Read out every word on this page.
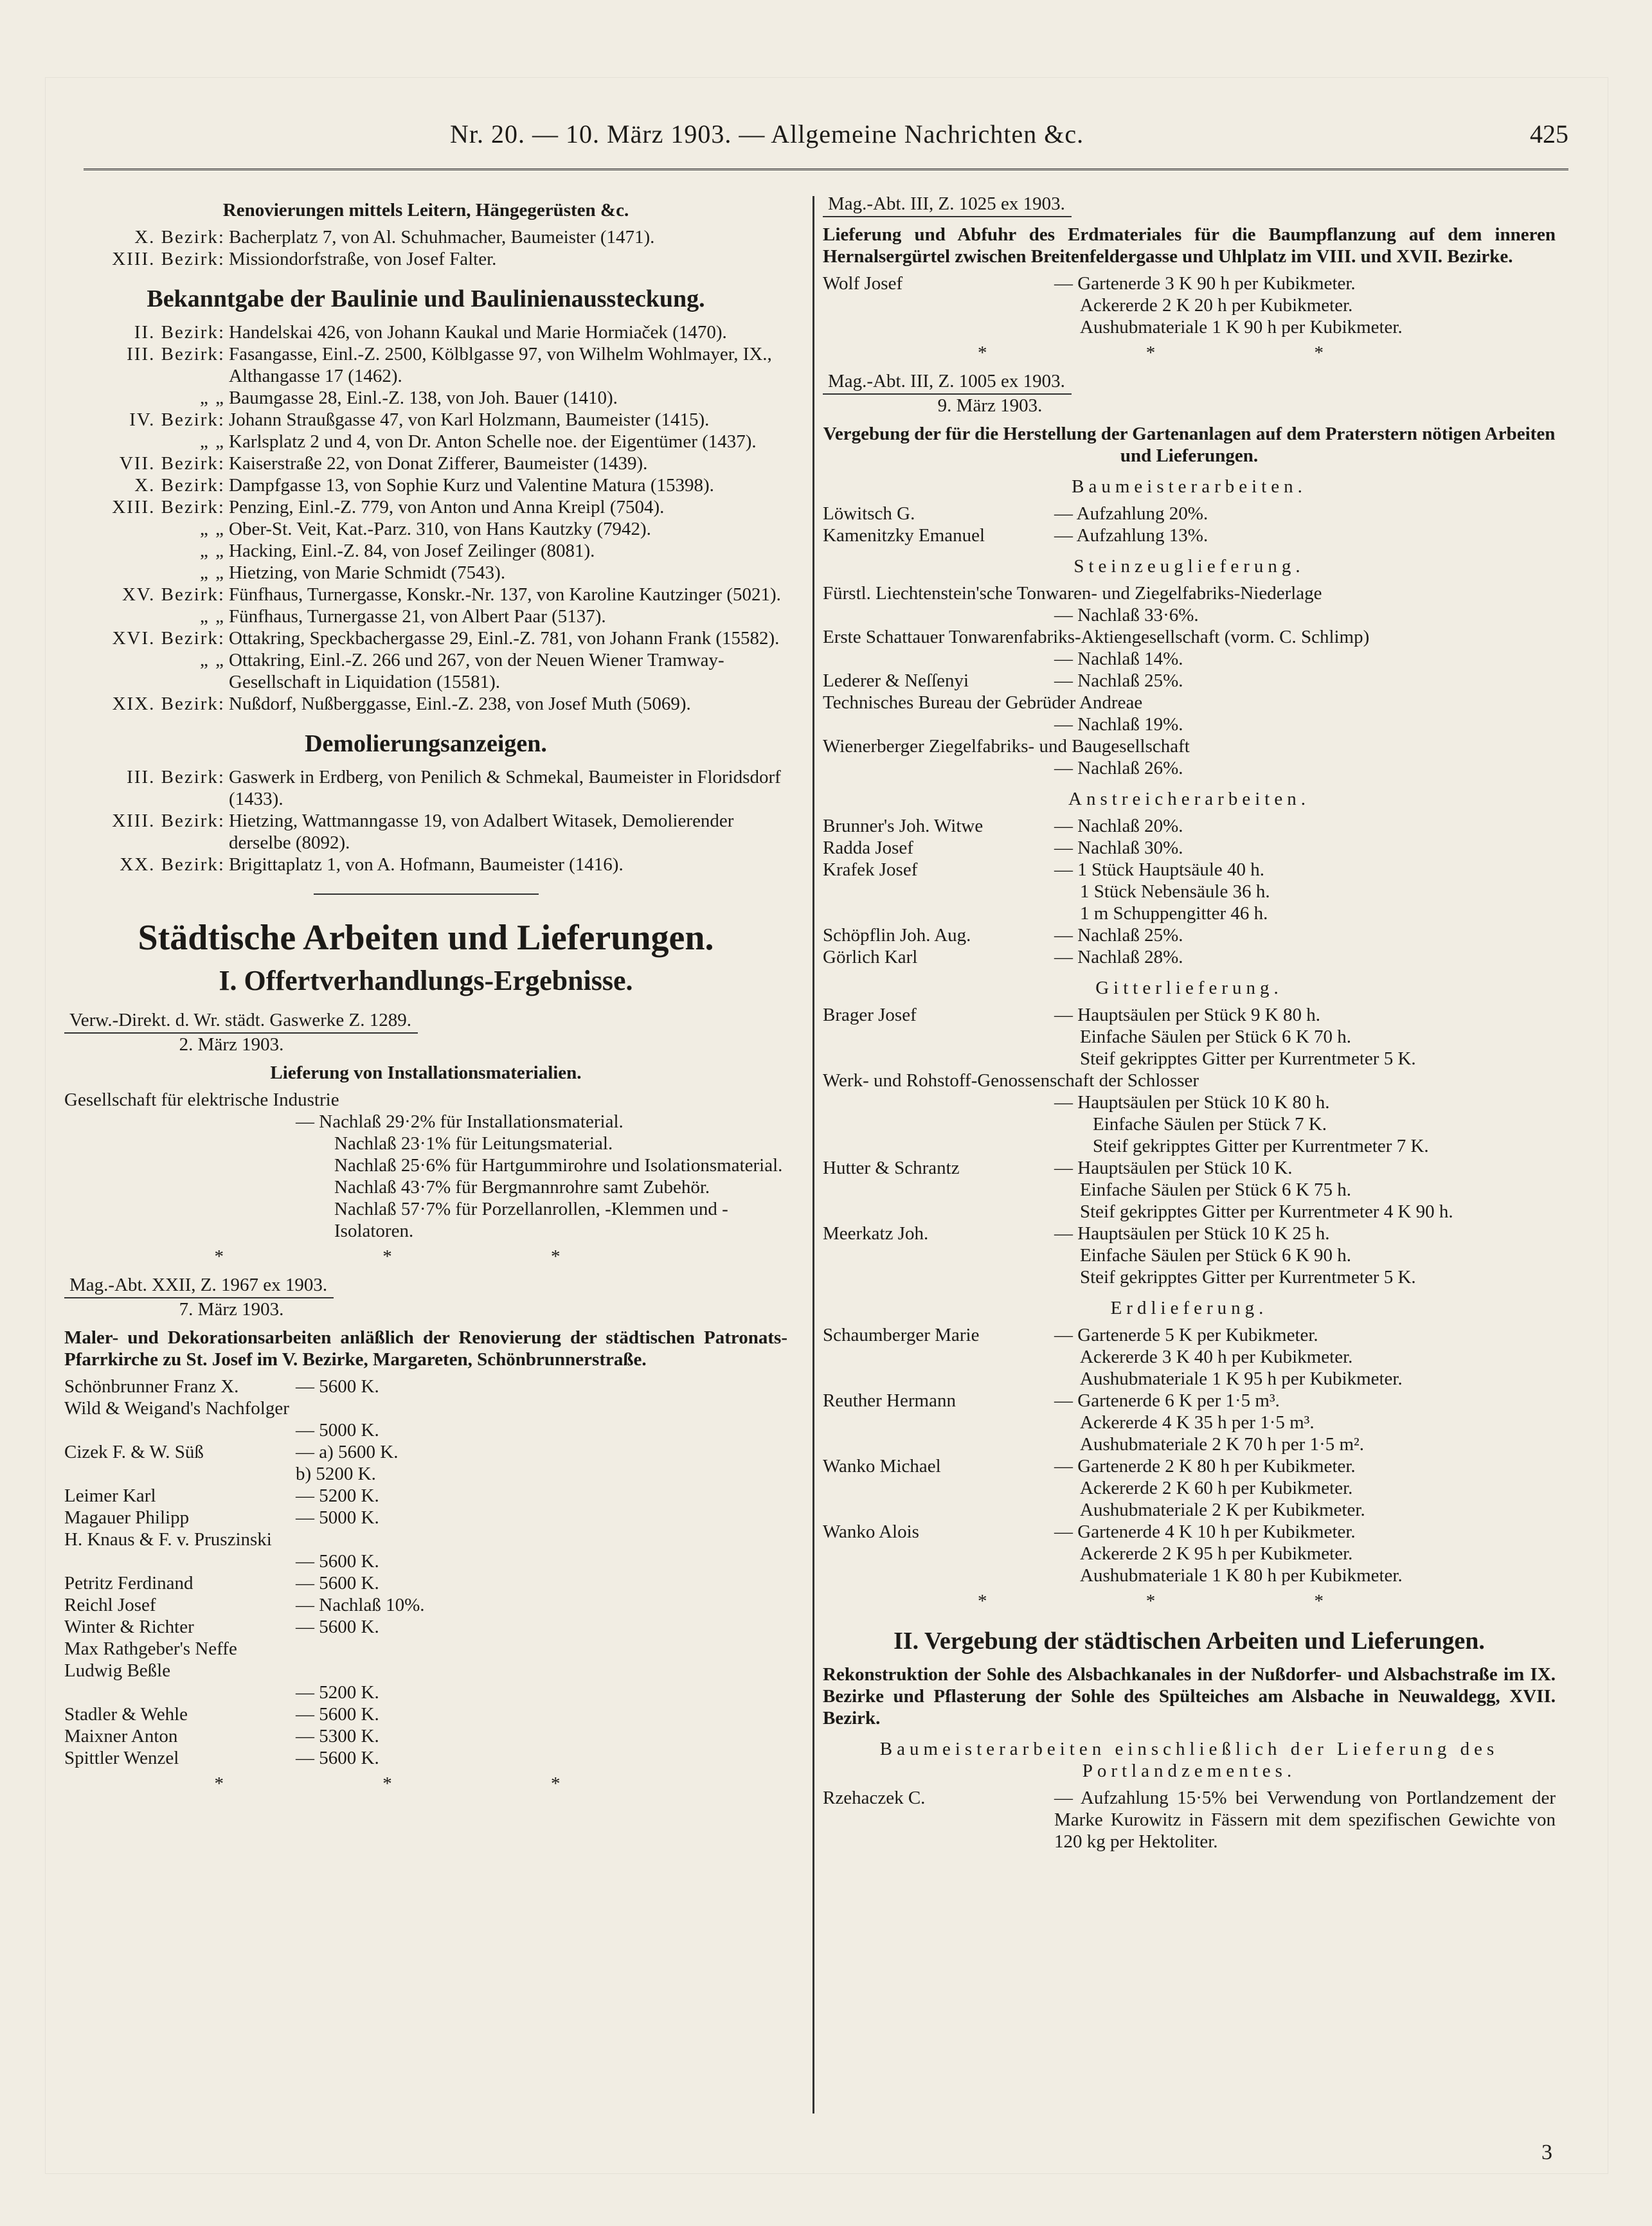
Nr. 20. — 10. März 1903. — Allgemeine Nachrichten &c.	425
Renovierungen mittels Leitern, Hängegerüsten &c.
X. Bezirk: Bacherplatz 7, von Al. Schuhmacher, Baumeister (1471).
XIII. Bezirk: Missiondorfstraße, von Josef Falter.
Bekanntgabe der Baulinie und Baulinienaussteckung.
II. Bezirk: Handelskai 426, von Johann Kaukal und Marie Hormiaček (1470).
III. Bezirk: Fasangasse, Einl.-Z. 2500, Kölblgasse 97, von Wilhelm Wohlmayer, IX., Althangasse 17 (1462).
„ „ Baumgasse 28, Einl.-Z. 138, von Joh. Bauer (1410).
IV. Bezirk: Johann Straußgasse 47, von Karl Holzmann, Baumeister (1415).
„ „ Karlsplatz 2 und 4, von Dr. Anton Schelle noe. der Eigentümer (1437).
VII. Bezirk: Kaiserstraße 22, von Donat Zifferer, Baumeister (1439).
X. Bezirk: Dampfgasse 13, von Sophie Kurz und Valentine Matura (15398).
XIII. Bezirk: Penzing, Einl.-Z. 779, von Anton und Anna Kreipl (7504).
„ „ Ober-St. Veit, Kat.-Parz. 310, von Hans Kautzky (7942).
„ „ Hacking, Einl.-Z. 84, von Josef Zeilinger (8081).
„ „ Hietzing, von Marie Schmidt (7543).
XV. Bezirk: Fünfhaus, Turnergasse, Konskr.-Nr. 137, von Karoline Kautzinger (5021).
„ „ Fünfhaus, Turnergasse 21, von Albert Paar (5137).
XVI. Bezirk: Ottakring, Speckbachergasse 29, Einl.-Z. 781, von Johann Frank (15582).
„ „ Ottakring, Einl.-Z. 266 und 267, von der Neuen Wiener Tramway-Gesellschaft in Liquidation (15581).
XIX. Bezirk: Nußdorf, Nußberggasse, Einl.-Z. 238, von Josef Muth (5069).
Demolierungsanzeigen.
III. Bezirk: Gaswerk in Erdberg, von Penilich & Schmekal, Baumeister in Floridsdorf (1433).
XIII. Bezirk: Hietzing, Wattmanngasse 19, von Adalbert Witasek, Demolierender derselbe (8092).
XX. Bezirk: Brigittaplatz 1, von A. Hofmann, Baumeister (1416).
Städtische Arbeiten und Lieferungen.
I. Offertverhandlungs-Ergebnisse.
Verw.-Direkt. d. Wr. städt. Gaswerke Z. 1289.
2. März 1903.
Lieferung von Installationsmaterialien.
Gesellschaft für elektrische Industrie
— Nachlaß 29·2% für Installationsmaterial.
Nachlaß 23·1% für Leitungsmaterial.
Nachlaß 25·6% für Hartgummirohre und Isolationsmaterial.
Nachlaß 43·7% für Bergmannrohre samt Zubehör.
Nachlaß 57·7% für Porzellanrollen, -Klemmen und -Isolatoren.
* * *
Mag.-Abt. XXII, Z. 1967 ex 1903.
7. März 1903.
Maler- und Dekorationsarbeiten anläßlich der Renovierung der städtischen Patronats-Pfarrkirche zu St. Josef im V. Bezirke, Margareten, Schönbrunnerstraße.
Schönbrunner Franz X.	— 5600 K.
Wild & Weigand's Nachfolger
— 5000 K.
Cizek F. & W. Süß	— a) 5600 K.
b) 5200 K.
Leimer Karl	— 5200 K.
Magauer Philipp	— 5000 K.
H. Knaus & F. v. Pruszinski
— 5600 K.
Petritz Ferdinand	— 5600 K.
Reichl Josef	— Nachlaß 10%.
Winter & Richter	— 5600 K.
Max Rathgeber's Neffe Ludwig Beßle
— 5200 K.
Stadler & Wehle	— 5600 K.
Maixner Anton	— 5300 K.
Spittler Wenzel	— 5600 K.
* * *
Mag.-Abt. III, Z. 1025 ex 1903.
Lieferung und Abfuhr des Erdmateriales für die Baumpflanzung auf dem inneren Hernalsergürtel zwischen Breitenfeldergasse und Uhlplatz im VIII. und XVII. Bezirke.
Wolf Josef	— Gartenerde 3 K 90 h per Kubikmeter.
Ackererde 2 K 20 h per Kubikmeter.
Aushubmateriale 1 K 90 h per Kubikmeter.
* * *
Mag.-Abt. III, Z. 1005 ex 1903.
9. März 1903.
Vergebung der für die Herstellung der Gartenanlagen auf dem Praterstern nötigen Arbeiten und Lieferungen.
Baumeisterarbeiten.
Löwitsch G.	— Aufzahlung 20%.
Kamenitzky Emanuel	— Aufzahlung 13%.
Steinzeuglieferung.
Fürstl. Liechtenstein'sche Tonwaren- und Ziegelfabriks-Niederlage
— Nachlaß 33·6%.
Erste Schattauer Tonwarenfabriks-Aktiengesellschaft (vorm. C. Schlimp)
— Nachlaß 14%.
Lederer & Neſſenyi	— Nachlaß 25%.
Technisches Bureau der Gebrüder Andreae
— Nachlaß 19%.
Wienerberger Ziegelfabriks- und Baugesellschaft
— Nachlaß 26%.
Anstreicherarbeiten.
Brunner's Joh. Witwe	— Nachlaß 20%.
Radda Josef	— Nachlaß 30%.
Krafek Josef	— 1 Stück Hauptsäule 40 h.
1 Stück Nebensäule 36 h.
1 m Schuppengitter 46 h.
Schöpflin Joh. Aug.	— Nachlaß 25%.
Görlich Karl	— Nachlaß 28%.
Gitterlieferung.
Brager Josef	— Hauptsäulen per Stück 9 K 80 h.
Einfache Säulen per Stück 6 K 70 h.
Steif gekripptes Gitter per Kurrentmeter 5 K.
Werk- und Rohstoff-Genossenschaft der Schlosser
— Hauptsäulen per Stück 10 K 80 h.
Einfache Säulen per Stück 7 K.
Steif gekripptes Gitter per Kurrentmeter 7 K.
Hutter & Schrantz	— Hauptsäulen per Stück 10 K.
Einfache Säulen per Stück 6 K 75 h.
Steif gekripptes Gitter per Kurrentmeter 4 K 90 h.
Meerkatz Joh.	— Hauptsäulen per Stück 10 K 25 h.
Einfache Säulen per Stück 6 K 90 h.
Steif gekripptes Gitter per Kurrentmeter 5 K.
Erdlieferung.
Schaumberger Marie	— Gartenerde 5 K per Kubikmeter.
Ackererde 3 K 40 h per Kubikmeter.
Aushubmateriale 1 K 95 h per Kubikmeter.
Reuther Hermann	— Gartenerde 6 K per 1·5 m³.
Ackererde 4 K 35 h per 1·5 m³.
Aushubmateriale 2 K 70 h per 1·5 m².
Wanko Michael	— Gartenerde 2 K 80 h per Kubikmeter.
Ackererde 2 K 60 h per Kubikmeter.
Aushubmateriale 2 K per Kubikmeter.
Wanko Alois	— Gartenerde 4 K 10 h per Kubikmeter.
Ackererde 2 K 95 h per Kubikmeter.
Aushubmateriale 1 K 80 h per Kubikmeter.
* * *
II. Vergebung der städtischen Arbeiten und Lieferungen.
Rekonstruktion der Sohle des Alsbachkanales in der Nußdorfer- und Alsbachstraße im IX. Bezirke und Pflasterung der Sohle des Spülteiches am Alsbache in Neuwaldegg, XVII. Bezirk.
Baumeisterarbeiten einschließlich der Lieferung des Portlandzementes.
Rzehaczek C.	— Aufzahlung 15·5% bei Verwendung von Portlandzement der Marke Kurowitz in Fässern mit dem spezifischen Gewichte von 120 kg per Hektoliter.
3
